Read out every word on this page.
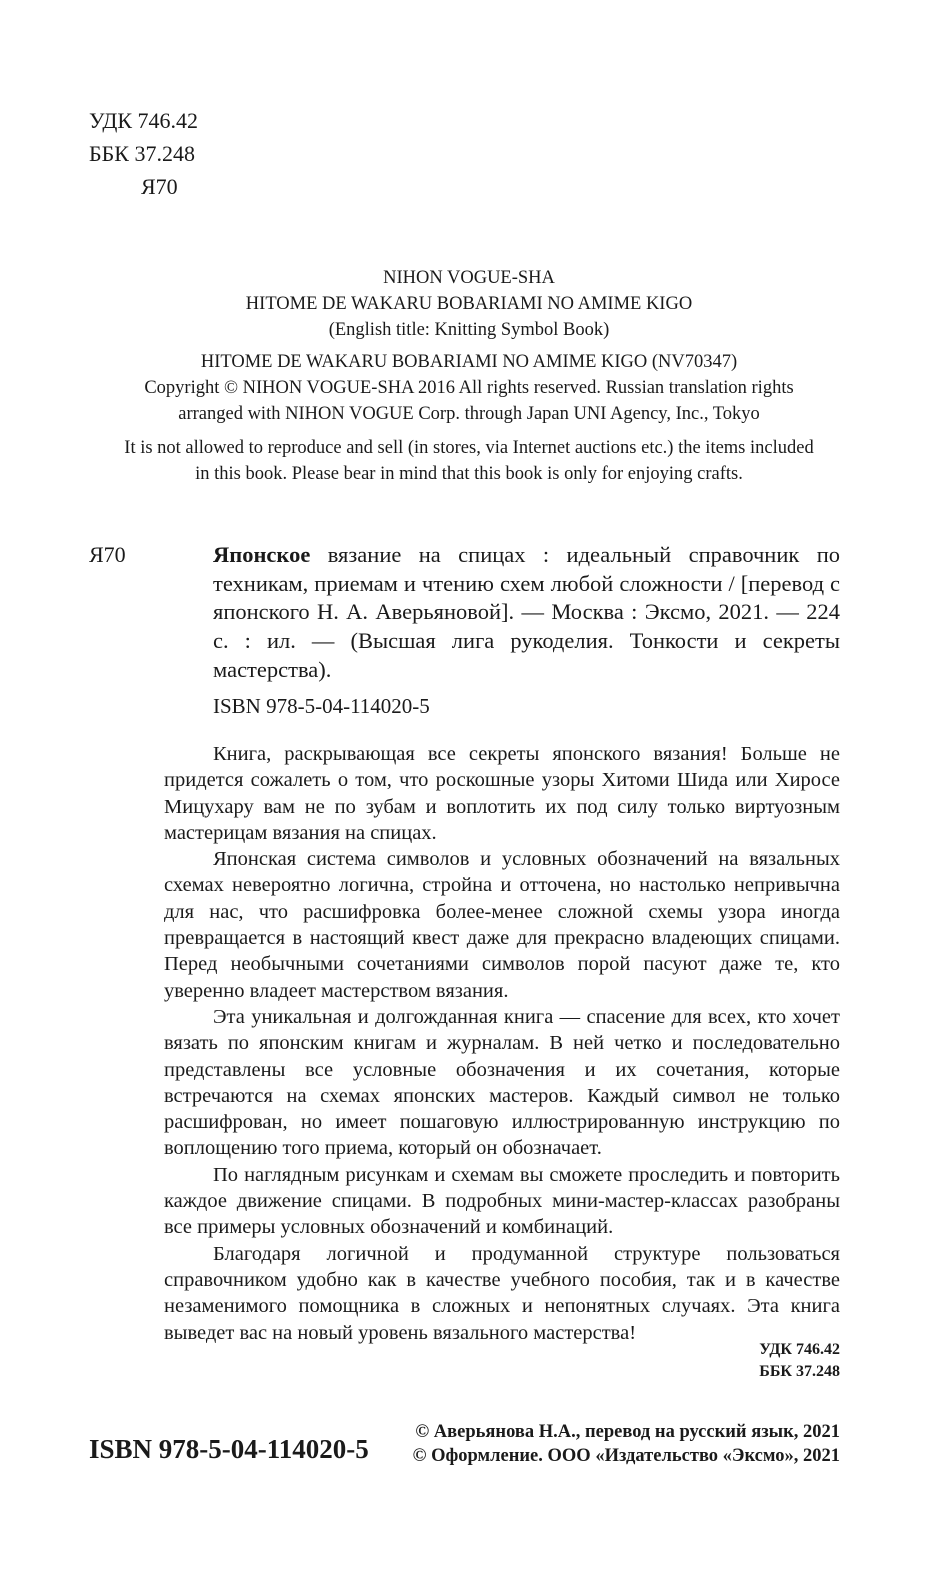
УДК 746.42
ББК 37.248
Я70

NIHON VOGUE-SHA

HITOME DE WAKARU BOBARIAMI NO AMIME KIGO

(English title: Knitting Symbol Book)

HITOME DE WAKARU BOBARIAMI NO AMIME KIGO (NV70347)

Copyright © NIHON VOGUE-SHA 2016 All rights reserved. Russian translation rights

arranged with NIHON VOGUE Corp. through Japan UNI Agency, Inc., Tokyo

It is not allowed to reproduce and sell (in stores, via Internet auctions etc.) the items included

in this book. Please bear in mind that this book is only for enjoying crafts.

Я70	Японское вязание на спицах : идеальный справочник по техникам, приемам и чтению схем любой сложности / [перевод с японского Н. А. Аверьяновой]. — Москва : Эксмо, 2021. — 224 с. : ил. — (Высшая лига рукоделия. Тонкости и секреты мастерства).
ISBN 978-5-04-114020-5

Книга, раскрывающая все секреты японского вязания! Больше не придется сожалеть о том, что роскошные узоры Хитоми Шида или Хиросе Мицухару вам не по зубам и воплотить их под силу только виртуозным мастерицам вязания на спицах.

Японская система символов и условных обозначений на вязальных схемах невероятно логична, стройна и отточена, но настолько непривычна для нас, что расшифровка более-менее сложной схемы узора иногда превращается в настоящий квест даже для прекрасно владеющих спицами. Перед необычными сочетаниями символов порой пасуют даже те, кто уверенно владеет мастерством вязания.

Эта уникальная и долгожданная книга — спасение для всех, кто хочет вязать по японским книгам и журналам. В ней четко и последовательно представлены все условные обозначения и их сочетания, которые встречаются на схемах японских мастеров. Каждый символ не только расшифрован, но имеет пошаговую иллюстрированную инструкцию по воплощению того приема, который он обозначает.

По наглядным рисункам и схемам вы сможете проследить и повторить каждое движение спицами. В подробных мини-мастер-классах разобраны все примеры условных обозначений и комбинаций.

Благодаря логичной и продуманной структуре пользоваться справочником удобно как в качестве учебного пособия, так и в качестве незаменимого помощника в сложных и непонятных случаях. Эта книга выведет вас на новый уровень вязального мастерства!

УДК 746.42
ББК 37.248
ISBN 978-5-04-114020-5
© Аверьянова Н.А., перевод на русский язык, 2021
© Оформление. ООО «Издательство «Эксмо», 2021
